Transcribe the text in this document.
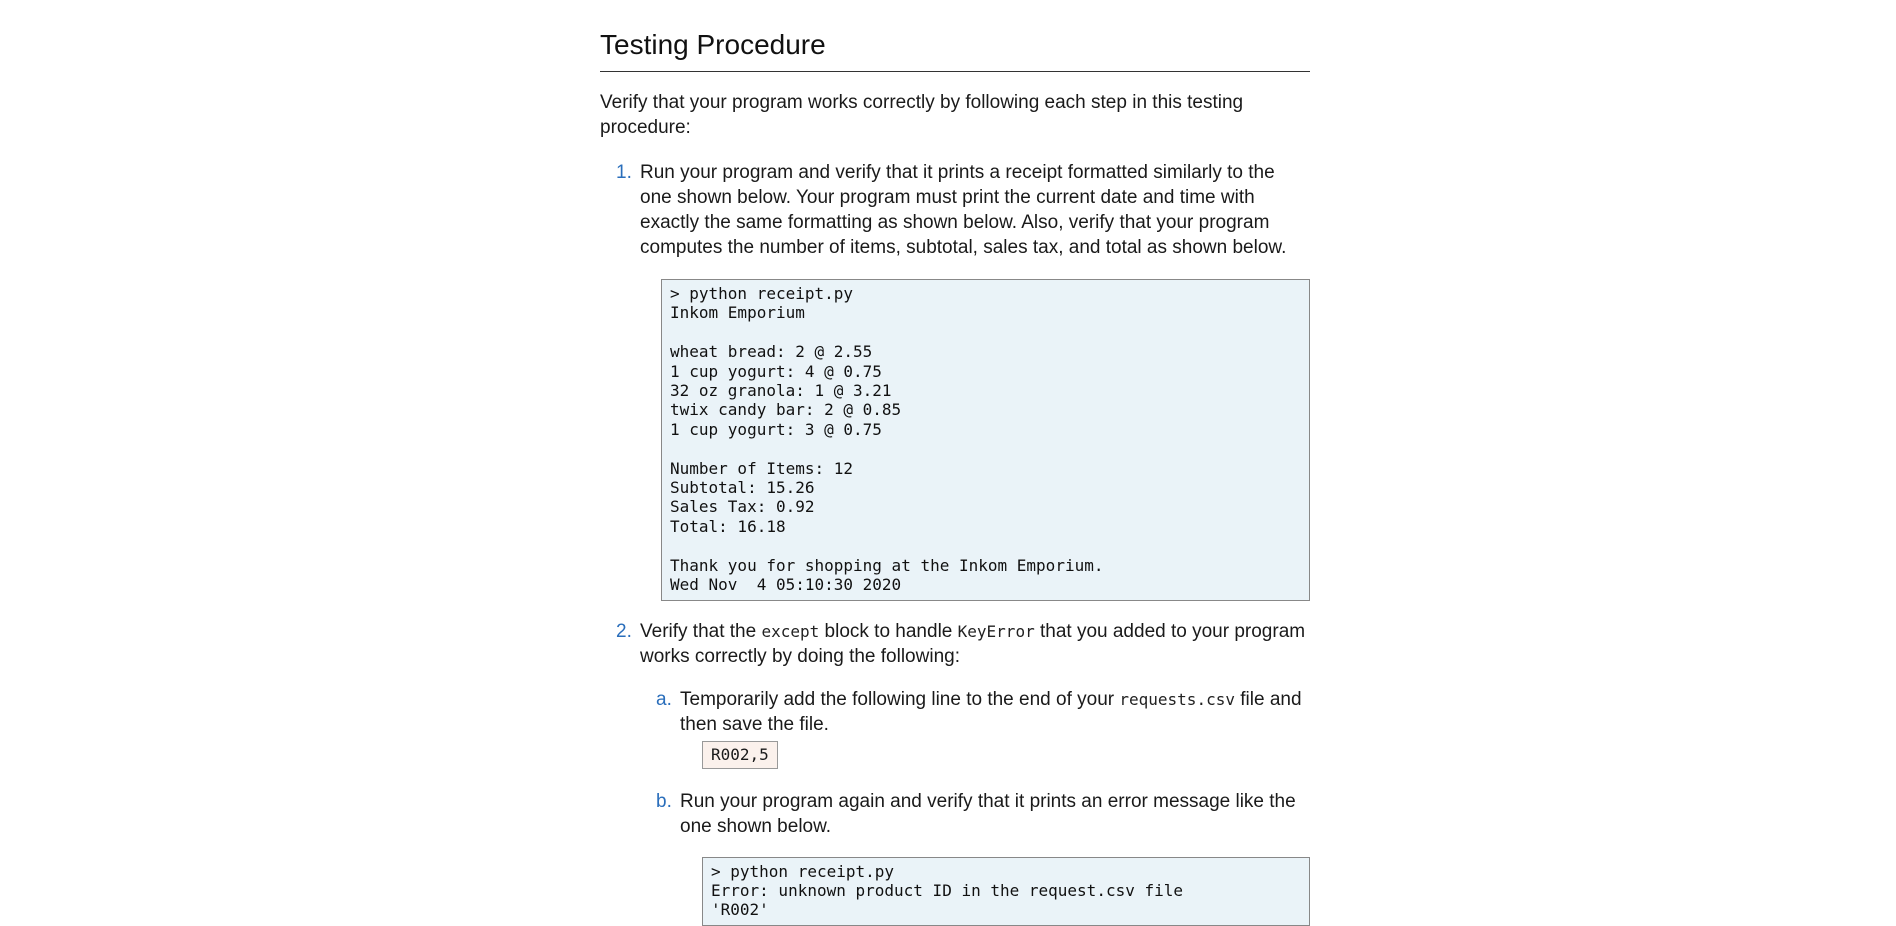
Testing Procedure

Verify that your program works correctly by following each step in this testing procedure:

1. Run your program and verify that it prints a receipt formatted similarly to the one shown below. Your program must print the current date and time with exactly the same formatting as shown below. Also, verify that your program computes the number of items, subtotal, sales tax, and total as shown below.
> python receipt.py
Inkom Emporium

wheat bread: 2 @ 2.55
1 cup yogurt: 4 @ 0.75
32 oz granola: 1 @ 3.21
twix candy bar: 2 @ 0.85
1 cup yogurt: 3 @ 0.75

Number of Items: 12
Subtotal: 15.26
Sales Tax: 0.92
Total: 16.18

Thank you for shopping at the Inkom Emporium.
Wed Nov  4 05:10:30 2020
2. Verify that the except block to handle KeyError that you added to your program works correctly by doing the following:
a. Temporarily add the following line to the end of your requests.csv file and then save the file.
R002,5
b. Run your program again and verify that it prints an error message like the one shown below.
> python receipt.py
Error: unknown product ID in the request.csv file
'R002'
